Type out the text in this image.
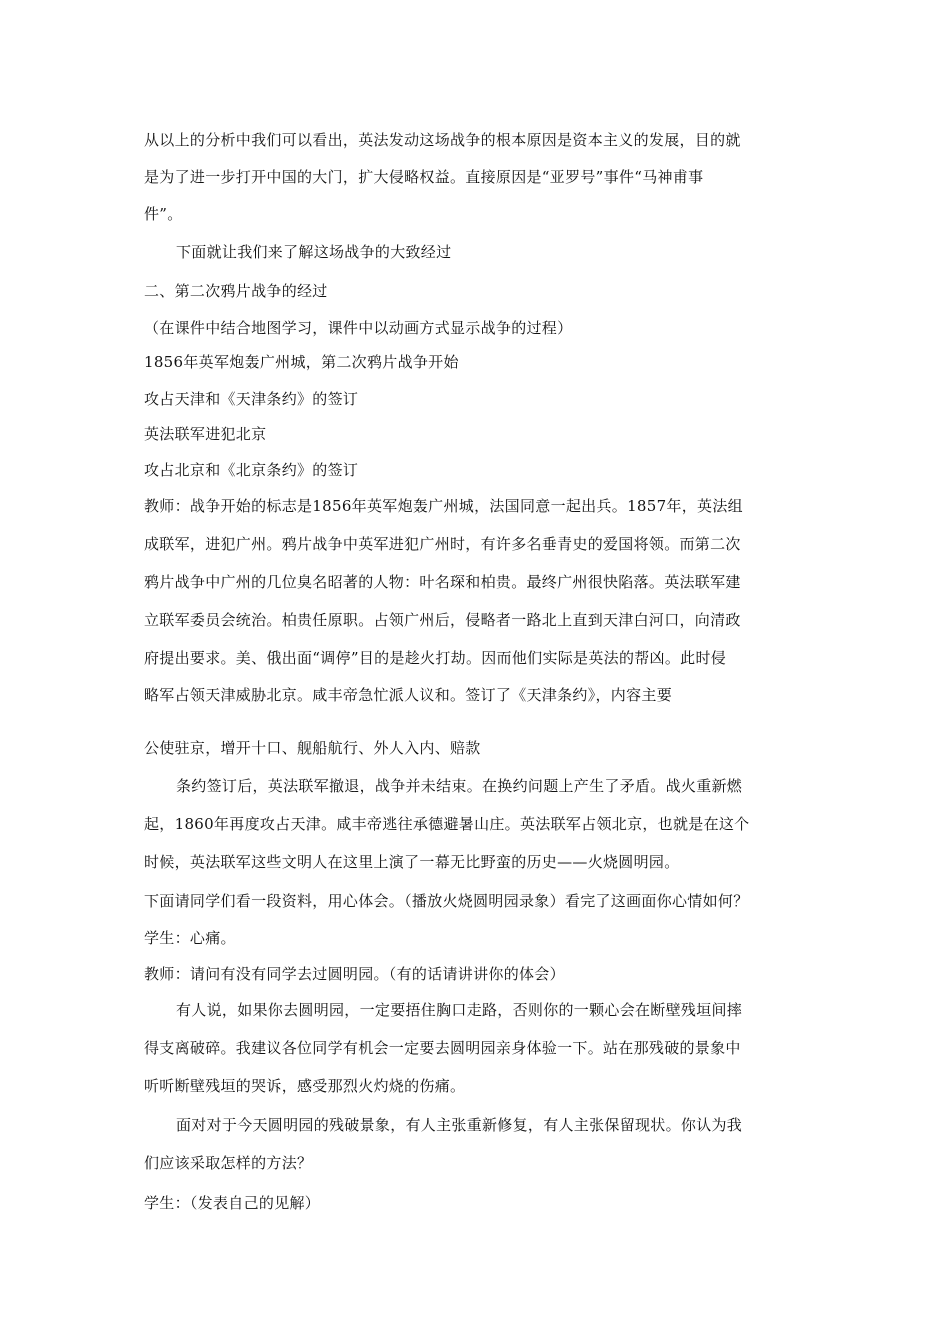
从以上的分析中我们可以看出，英法发动这场战争的根本原因是资本主义的发展，目的就
是为了进一步打开中国的大门，扩大侵略权益。直接原因是“亚罗号”事件“马神甫事
件”。
下面就让我们来了解这场战争的大致经过
二、第二次鸦片战争的经过
（在课件中结合地图学习，课件中以动画方式显示战争的过程）
1856年英军炮轰广州城，第二次鸦片战争开始
攻占天津和《天津条约》的签订
英法联军进犯北京
攻占北京和《北京条约》的签订
教师：战争开始的标志是1856年英军炮轰广州城，法国同意一起出兵。1857年，英法组
成联军，进犯广州。鸦片战争中英军进犯广州时，有许多名垂青史的爱国将领。而第二次
鸦片战争中广州的几位臭名昭著的人物：叶名琛和柏贵。最终广州很快陷落。英法联军建
立联军委员会统治。柏贵任原职。占领广州后，侵略者一路北上直到天津白河口，向清政
府提出要求。美、俄出面“调停”目的是趁火打劫。因而他们实际是英法的帮凶。此时侵
略军占领天津威胁北京。咸丰帝急忙派人议和。签订了《天津条约》，内容主要
公使驻京，增开十口、舰船航行、外人入内、赔款
条约签订后，英法联军撤退，战争并未结束。在换约问题上产生了矛盾。战火重新燃
起，1860年再度攻占天津。咸丰帝逃往承德避暑山庄。英法联军占领北京，也就是在这个
时候，英法联军这些文明人在这里上演了一幕无比野蛮的历史——火烧圆明园。
下面请同学们看一段资料，用心体会。（播放火烧圆明园录象）看完了这画面你心情如何？
学生：心痛。
教师：请问有没有同学去过圆明园。（有的话请讲讲你的体会）
有人说，如果你去圆明园，一定要捂住胸口走路，否则你的一颗心会在断壁残垣间摔
得支离破碎。我建议各位同学有机会一定要去圆明园亲身体验一下。站在那残破的景象中
听听断壁残垣的哭诉，感受那烈火灼烧的伤痛。
面对对于今天圆明园的残破景象，有人主张重新修复，有人主张保留现状。你认为我
们应该采取怎样的方法？
学生：（发表自己的见解）
